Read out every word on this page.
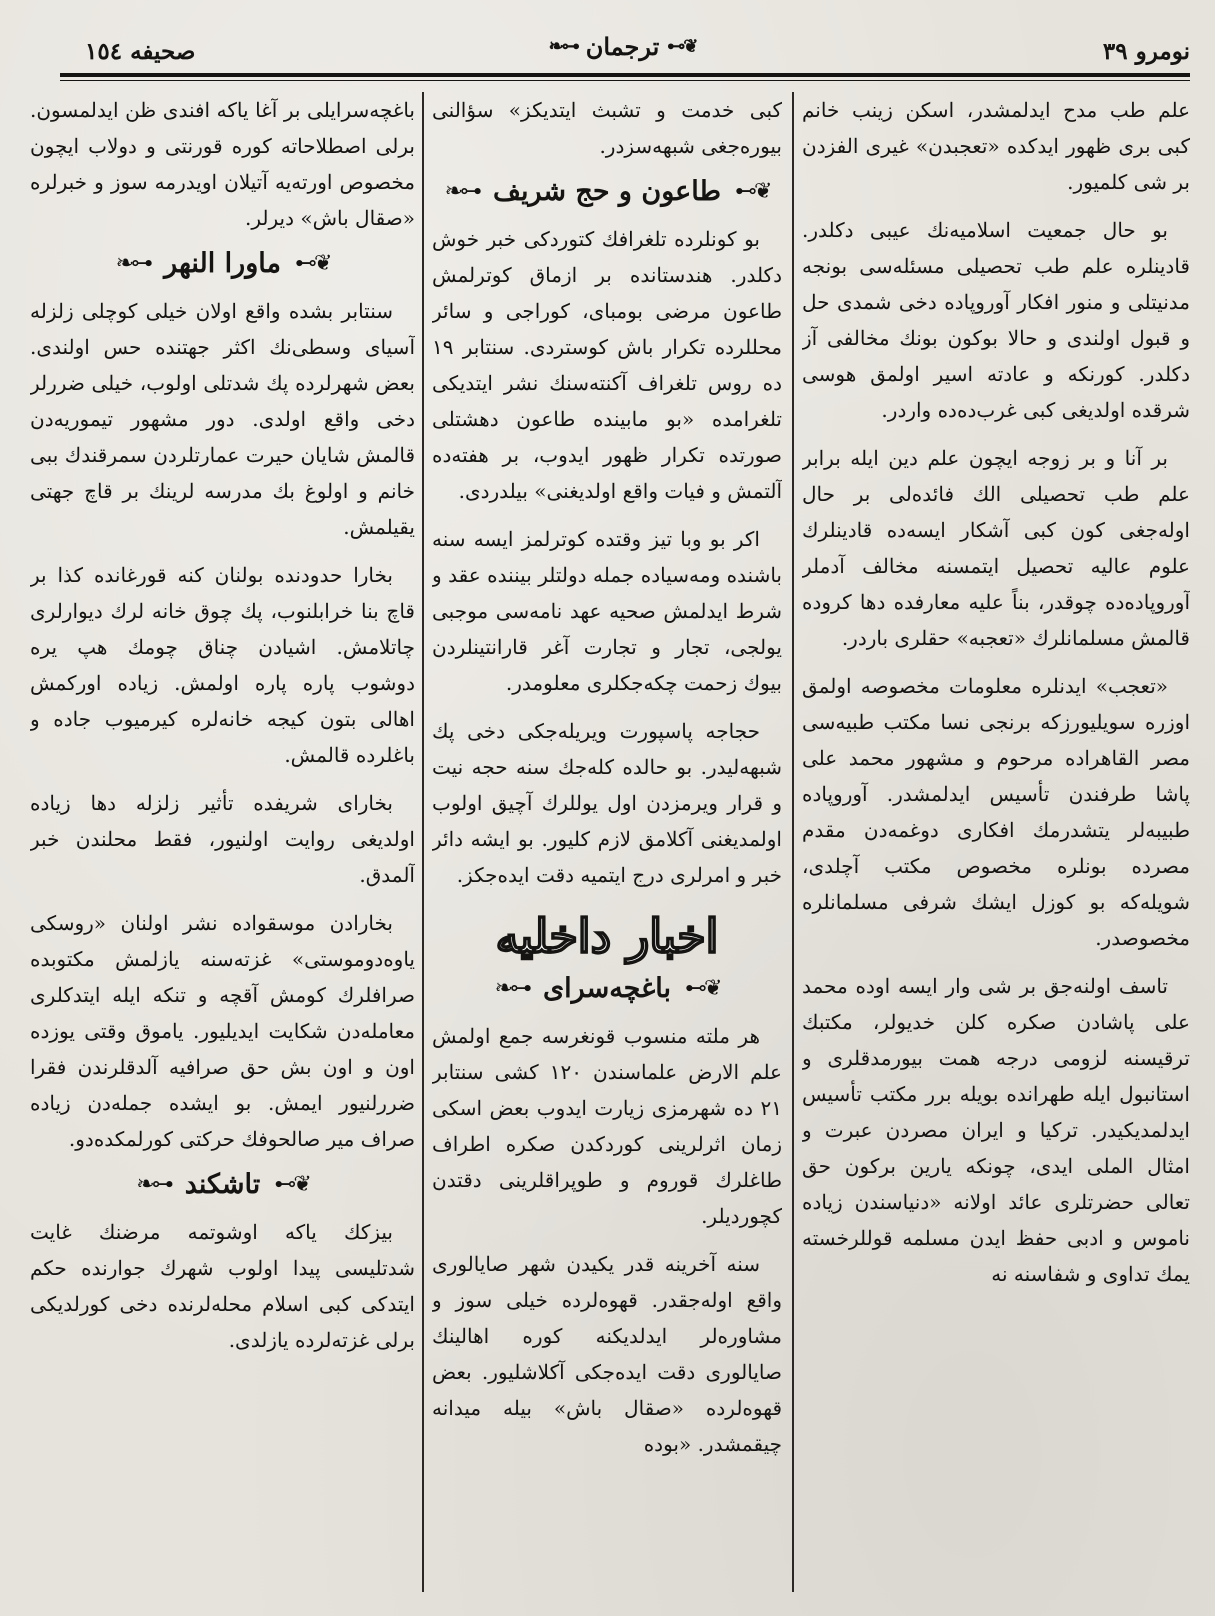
نومرو ٣٩
❦⊶
ترجمان
⊷❧
صحيفه ١٥٤

علم طب مدح ايدلمشدر، اسكن زينب خانم كبى برى ظهور ايدكده «تعجبدن» غيرى الفزدن بر شى كلميور.

بو حال جمعيت اسلاميه‌نك عيبى دكلدر. قادينلره علم طب تحصيلى مسئله‌سى بونجه مدنيتلى و منور افكار آوروپاده دخى شمدى حل و قبول اولندى و حالا بوكون بونك مخالفى آز دكلدر. كورنكه و عادته اسير اولمق هوسى شرقده اولديغى كبى غرب‌ده‌ده واردر.

بر آنا و بر زوجه ايچون علم دين ايله برابر علم طب تحصيلى الك فائده‌لى بر حال اوله‌جغى كون كبى آشكار ايسه‌ده قادينلرك علوم عاليه تحصيل ايتمسنه مخالف آدملر آوروپاده‌ده چوقدر، بناً عليه معارفده دها كروده قالمش مسلمانلرك «تعجبه» حقلرى باردر.

«تعجب» ايدنلره معلومات مخصوصه اولمق اوزره سويليورزكه برنجى نسا مكتب طبيه‌سى مصر القاهراده مرحوم و مشهور محمد على پاشا طرفندن تأسيس ايدلمشدر. آوروپاده طبيبه‌لر يتشدرمك افكارى دوغمه‌دن مقدم مصرده بونلره مخصوص مكتب آچلدى، شويله‌كه بو كوزل ايشك شرفى مسلمانلره مخصوصدر.

تاسف اولنه‌جق بر شى وار ايسه اوده محمد على پاشادن صكره كلن خديولر، مكتبك ترقيسنه لزومى درجه همت بيورمدقلرى و استانبول ايله طهرانده بويله برر مكتب تأسيس ايدلمديكيدر. تركيا و ايران مصردن عبرت و امثال الملى ايدى، چونكه يارين بركون حق تعالى حضرتلرى عائد اولانه «دنياسندن زياده ناموس و ادبى حفظ ايدن مسلمه قوللرخسته يمك تداوى و شفاسنه نه

كبى خدمت و تشبث ايتديكز» سؤالنى بيوره‌جغى شبهه‌سزدر.

❦⊶
طاعون و حج شريف
⊷❧

بو كونلرده تلغرافك كتوردكى خبر خوش دكلدر. هندستانده بر ازماق كوترلمش طاعون مرضى بومباى، كوراجى و سائر محللرده تكرار باش كوستردى. سنتابر ١٩ ده روس تلغراف آكنته‌سنك نشر ايتديكى تلغرامده «بو مابينده طاعون دهشتلى صورتده تكرار ظهور ايدوب، بر هفته‌ده آلتمش و فيات واقع اولديغنى» بيلدردى.

اكر بو وبا تيز وقتده كوترلمز ايسه سنه باشنده ومه‌سياده جمله دولتلر بيننده عقد و شرط ايدلمش صحيه عهد نامه‌سى موجبى يولجى، تجار و تجارت آغر قارانتينلردن بيوك زحمت چكه‌جكلرى معلومدر.

حجاجه پاسپورت ويريله‌جكى دخى پك شبهه‌ليدر. بو حالده كله‌جك سنه حجه نيت و قرار ويرمزدن اول يوللرك آچيق اولوب اولمديغنى آكلامق لازم كليور. بو ايشه دائر خبر و امرلرى درج ايتميه دقت ايده‌جكز.

اخبار داخليه
❦⊶
باغچه‌سراى
⊷❧

هر ملته منسوب قونغرسه جمع اولمش علم الارض علماسندن ١٢٠ كشى سنتابر ٢١ ده شهرمزى زيارت ايدوب بعض اسكى زمان اثرلرينى كوردكدن صكره اطراف طاغلرك قوروم و طوپراقلرينى دقتدن كچورديلر.

سنه آخرينه قدر يكيدن شهر صايالورى واقع اوله‌جقدر. قهوه‌لرده خيلى سوز و مشاوره‌لر ايدلديكنه كوره اهالينك صايالورى دقت ايده‌جكى آكلاشليور. بعض قهوه‌لرده «صقال باش» بيله ميدانه چيقمشدر. «بوده

باغچه‌سرايلى بر آغا ياكه افندى ظن ايدلمسون. برلى اصطلاحاته كوره قورنتى و دولاب ايچون مخصوص اورته‌يه آتيلان اويدرمه سوز و خبرلره «صقال باش» ديرلر.

❦⊶
ماورا النهر
⊷❧

سنتابر بشده واقع اولان خيلى كوچلى زلزله آسياى وسطى‌نك اكثر جهتنده حس اولندى. بعض شهرلرده پك شدتلى اولوب، خيلى ضررلر دخى واقع اولدى. دور مشهور تيموريه‌دن قالمش شايان حيرت عمارتلردن سمرقندك ببى خانم و اولوغ بك مدرسه لرينك بر قاچ جهتى يقيلمش.

بخارا حدودنده بولنان كنه قورغانده كذا بر قاچ بنا خرابلنوب، پك چوق خانه لرك ديوارلرى چاتلامش. اشيادن چناق چومك هپ يره دوشوب پاره پاره اولمش. زياده اوركمش اهالى بتون كيجه خانه‌لره كيرميوب جاده و باغلرده قالمش.

بخاراى شريفده تأثير زلزله دها زياده اولديغى روايت اولنيور، فقط محلندن خبر آلمدق.

بخارادن موسقواده نشر اولنان «روسكى ياوه‌دوموستى» غزته‌سنه يازلمش مكتوبده صرافلرك كومش آقچه و تنكه ايله ايتدكلرى معامله‌دن شكايت ايديليور. ياموق وقتى يوزده اون و اون بش حق صرافيه آلدقلرندن فقرا ضررلنيور ايمش. بو ايشده جمله‌دن زياده صراف مير صالحوفك حركتى كورلمكده‌دو.

❦⊶
تاشكند
⊷❧

بيزكك ياكه اوشوتمه مرضنك غايت شدتليسى پيدا اولوب شهرك جوارنده حكم ايتدكى كبى اسلام محله‌لرنده دخى كورلديكى برلى غزته‌لرده يازلدى.
